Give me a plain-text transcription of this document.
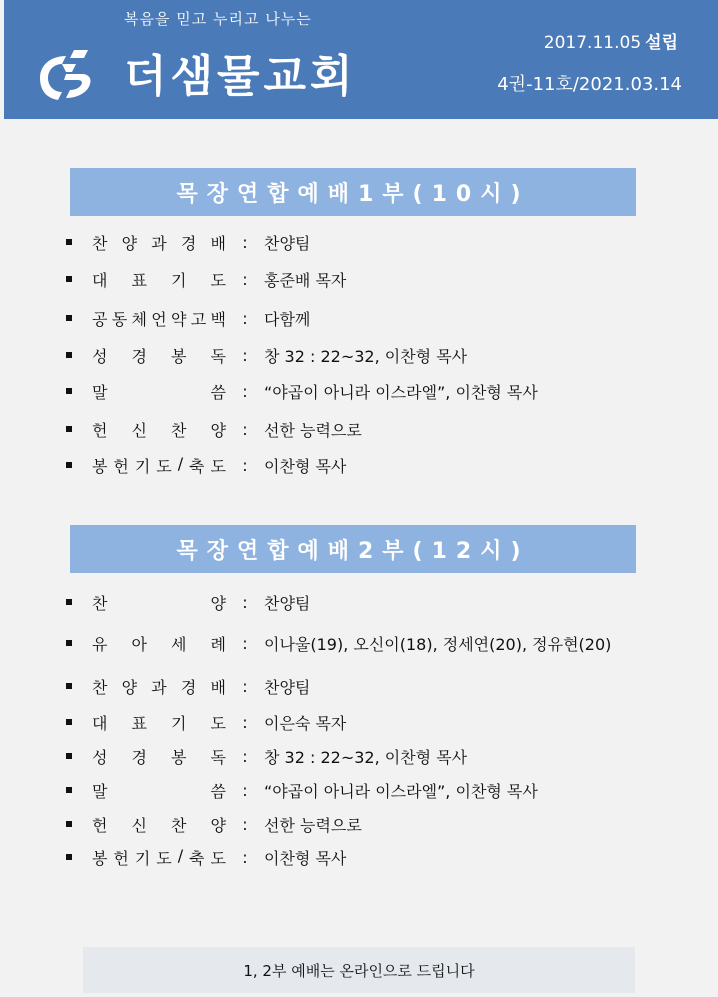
복음을 믿고 누리고 나누는
더샘물교회
2017.11.05 설립
4권-11호/2021.03.14
목장연합예배1부(10시)
찬 양 과 경 배	:	찬양팀
대 표 기 도	:	홍준배 목자
공 동 체 언 약 고 백	:	다함께
성 경 봉 독	:	창 32 : 22~32, 이찬형 목사
말	씀	:	“야곱이 아니라 이스라엘”, 이찬형 목사
헌 신 찬 양	:	선한 능력으로
봉 헌 기 도 / 축 도	:	이찬형 목사
목장연합예배2부(12시)
찬	양	:	찬양팀
유 아 세 례	:	이나울(19), 오신이(18), 정세연(20), 정유현(20)
찬 양 과 경 배	:	찬양팀
대 표 기 도	:	이은숙 목자
성 경 봉 독	:	창 32 : 22~32, 이찬형 목사
말	씀	:	“야곱이 아니라 이스라엘”, 이찬형 목사
헌 신 찬 양	:	선한 능력으로
봉 헌 기 도 / 축 도	:	이찬형 목사
1, 2부 예배는 온라인으로 드립니다
